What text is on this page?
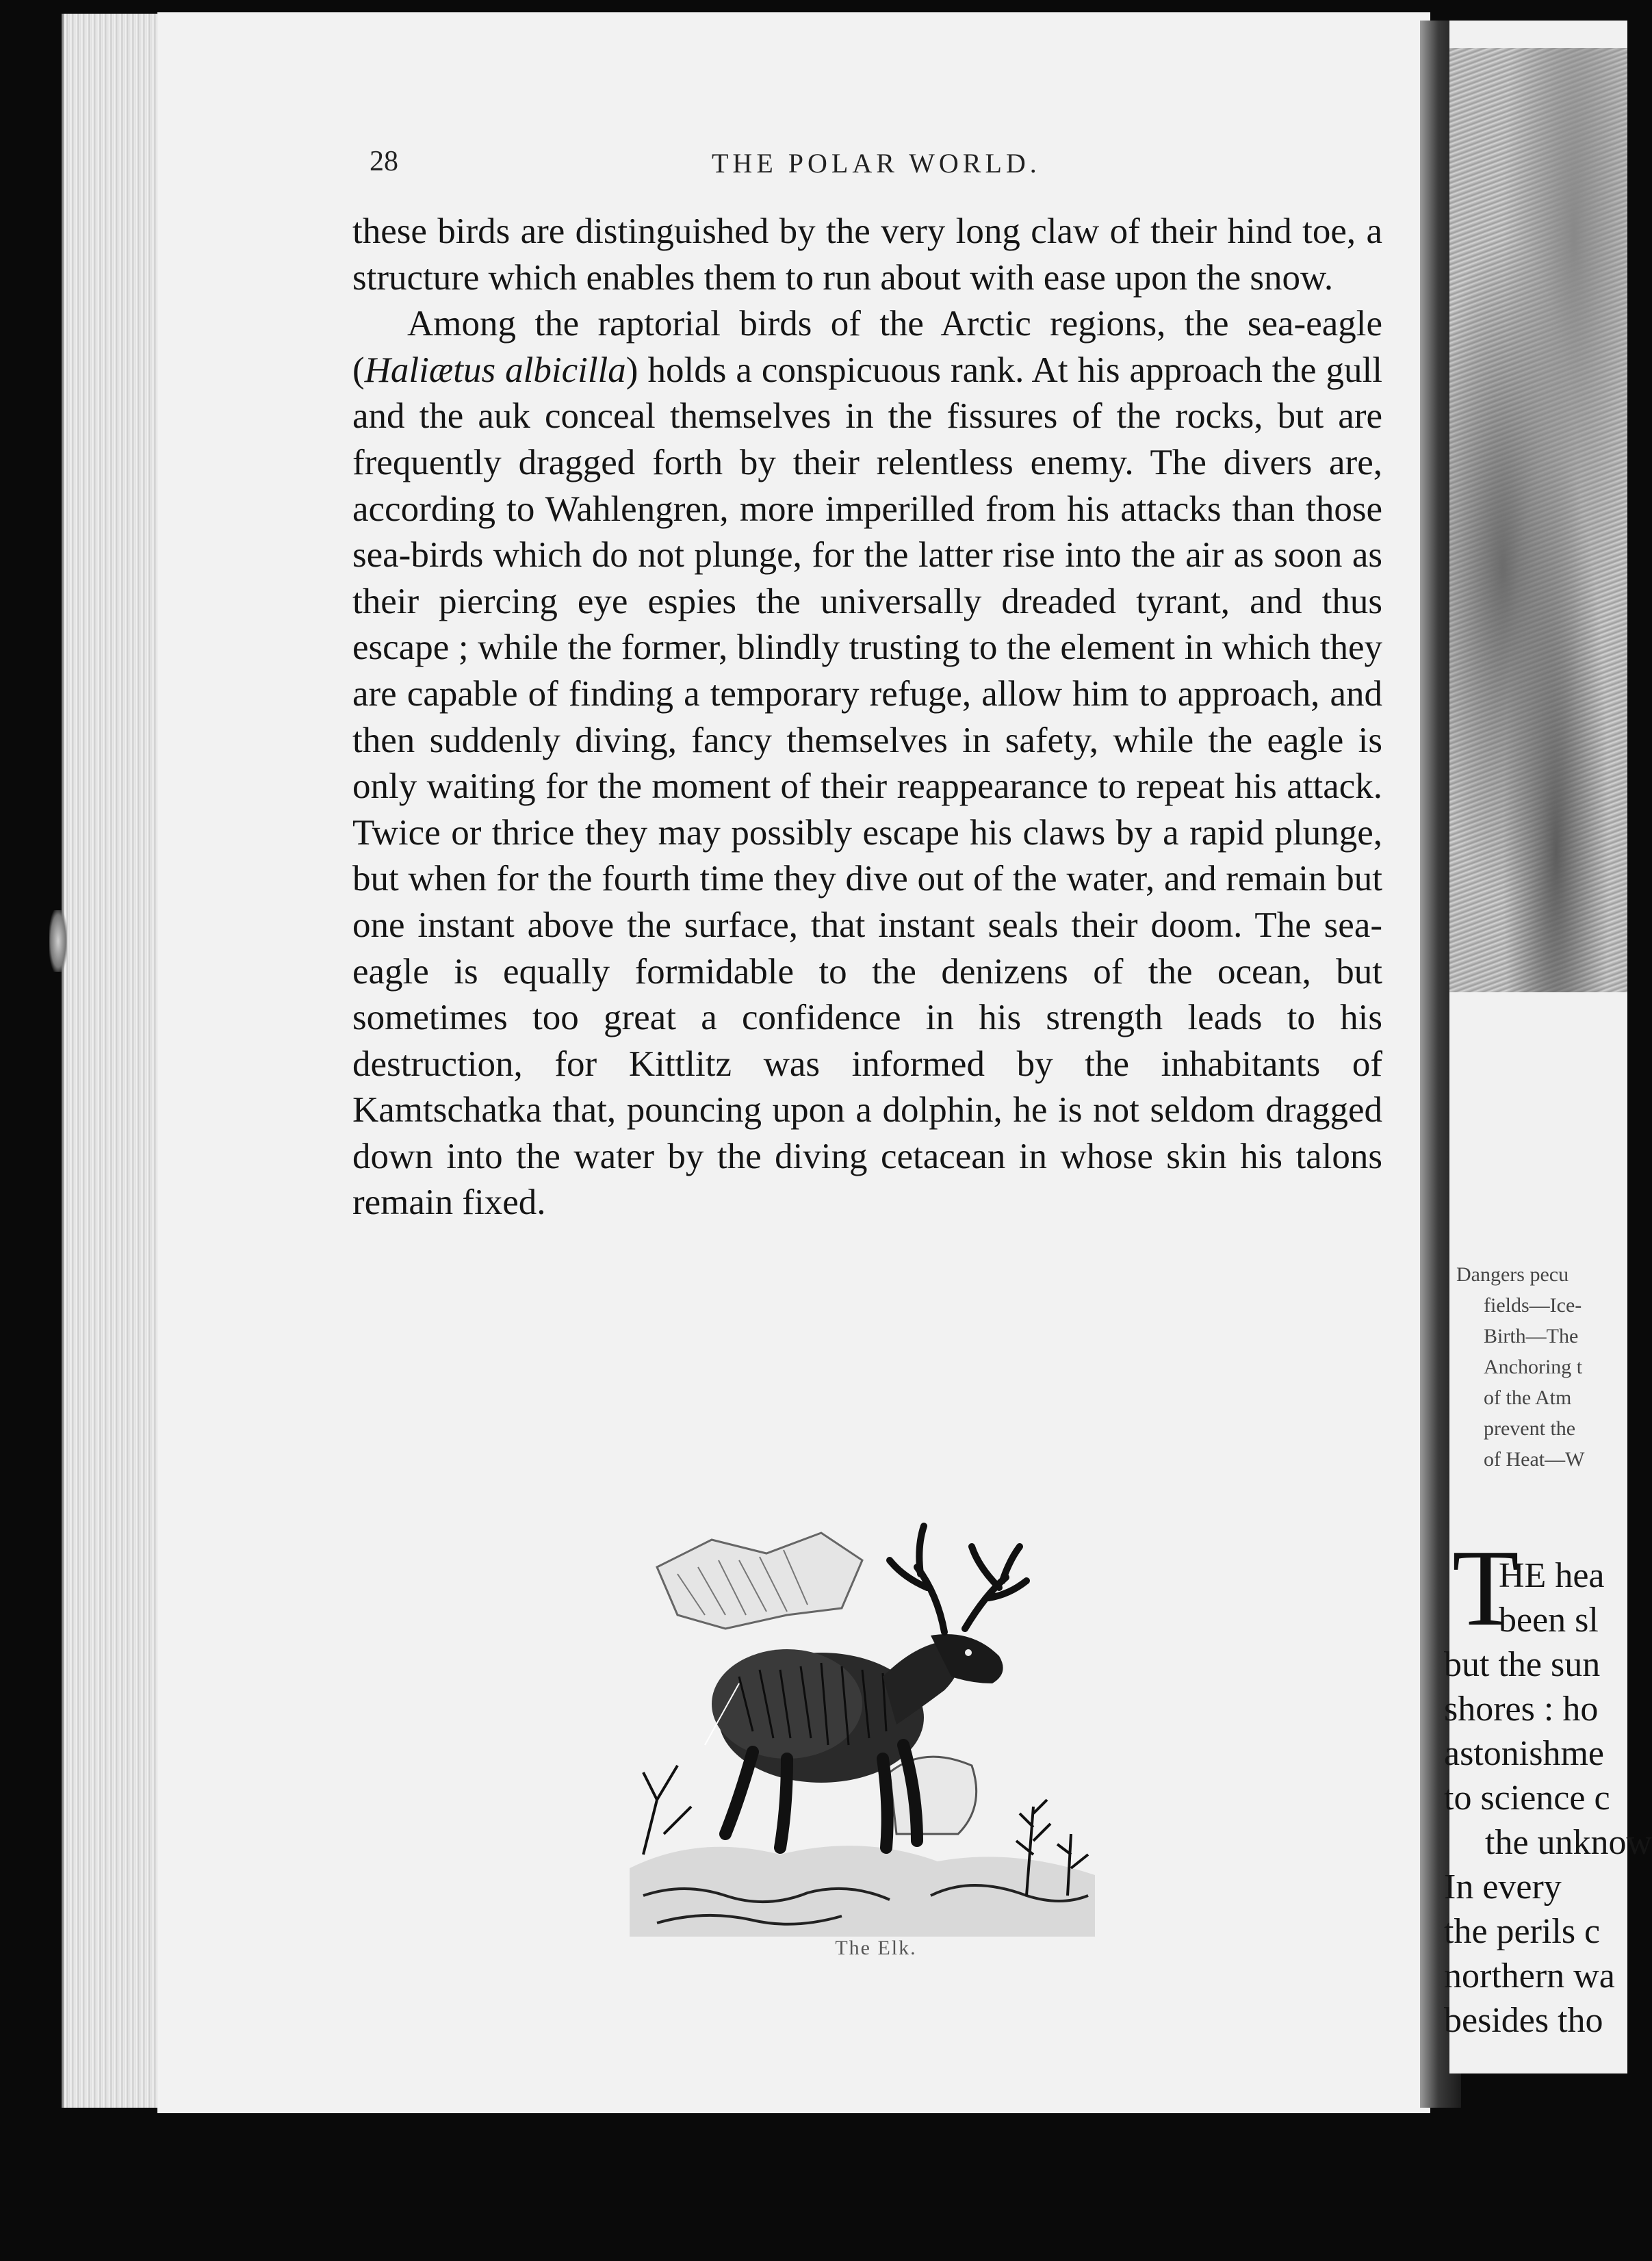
28	THE POLAR WORLD.

these birds are distinguished by the very long claw of their hind toe, a structure which enables them to run about with ease upon the snow.

Among the raptorial birds of the Arctic regions, the sea-eagle (Haliætus albicilla) holds a conspicuous rank. At his approach the gull and the auk conceal themselves in the fissures of the rocks, but are frequently dragged forth by their relentless enemy. The divers are, according to Wahlengren, more imperilled from his attacks than those sea-birds which do not plunge, for the latter rise into the air as soon as their piercing eye espies the universally dreaded tyrant, and thus escape ; while the former, blindly trusting to the element in which they are capable of finding a temporary refuge, allow him to approach, and then suddenly diving, fancy themselves in safety, while the eagle is only waiting for the moment of their reappearance to repeat his attack. Twice or thrice they may possibly escape his claws by a rapid plunge, but when for the fourth time they dive out of the water, and remain but one instant above the surface, that instant seals their doom. The sea-eagle is equally formidable to the denizens of the ocean, but sometimes too great a confidence in his strength leads to his destruction, for Kittlitz was informed by the inhabitants of Kamtschatka that, pouncing upon a dolphin, he is not seldom dragged down into the water by the diving cetacean in whose skin his talons remain fixed.

The Elk.
Dangers pecu
fields—Ice-
Birth—The
Anchoring t
of the Atm
prevent the
of Heat—W
T
HE hea
been sl
but the sun
shores : ho
astonishme
to science c
the unknow
In every
the perils c
northern wa
besides tho
